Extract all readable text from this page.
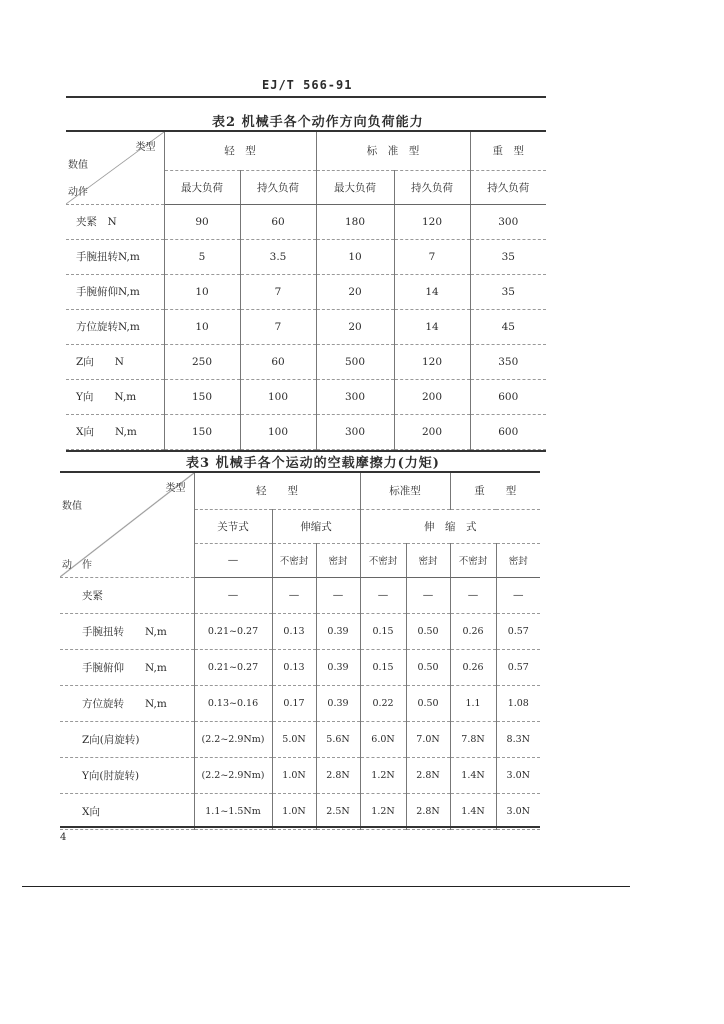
EJ/T 566-91
表2 机械手各个动作方向负荷能力
类型
数值
动作	轻　型		标　准　型		重　型
	最大负荷	持久负荷	最大负荷	持久负荷	持久负荷
夹紧　N	90	60	180	120	300
手腕扭转N,m	5	3.5	10	7	35
手腕俯仰N,m	10	7	20	14	35
方位旋转N,m	10	7	20	14	45
Z向　　N	250	60	500	120	350
Y向　　N,m	150	100	300	200	600
X向　　N,m	150	100	300	200	600
表3 机械手各个运动的空载摩擦力(力矩)
类型
数值
动　作	轻　　型			标准型		重　　型	
	关节式	伸缩式		伸　缩　式			
	—	不密封	密封	不密封	密封	不密封	密封
夹紧	—	—	—	—	—	—	—
手腕扭转　　N,m	0.21~0.27	0.13	0.39	0.15	0.50	0.26	0.57
手腕俯仰　　N,m	0.21~0.27	0.13	0.39	0.15	0.50	0.26	0.57
方位旋转　　N,m	0.13~0.16	0.17	0.39	0.22	0.50	1.1	1.08
Z向(肩旋转)	(2.2~2.9Nm)	5.0N	5.6N	6.0N	7.0N	7.8N	8.3N
Y向(肘旋转)	(2.2~2.9Nm)	1.0N	2.8N	1.2N	2.8N	1.4N	3.0N
X向	1.1~1.5Nm	1.0N	2.5N	1.2N	2.8N	1.4N	3.0N
4
